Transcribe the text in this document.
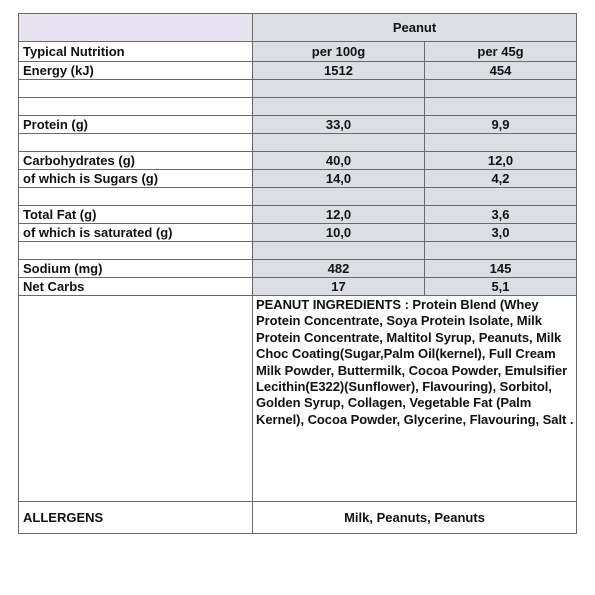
	Peanut	
Typical Nutrition	per 100g	per 45g
Energy (kJ)	1512	454

Protein (g)	33,0	9,9

Carbohydrates (g)	40,0	12,0
of which is Sugars (g)	14,0	4,2

Total Fat (g)	12,0	3,6
of which is saturated (g)	10,0	3,0

Sodium (mg)	482	145
Net Carbs	17	5,1
	PEANUT INGREDIENTS : Protein Blend (Whey Protein Concentrate, Soya Protein Isolate, Milk Protein Concentrate, Maltitol Syrup, Peanuts, Milk Choc Coating(Sugar,Palm Oil(kernel), Full Cream Milk Powder, Buttermilk, Cocoa Powder, Emulsifier Lecithin(E322)(Sunflower), Flavouring), Sorbitol, Golden Syrup, Collagen, Vegetable Fat (Palm Kernel), Cocoa Powder, Glycerine, Flavouring, Salt .	
ALLERGENS	Milk, Peanuts, Peanuts	
